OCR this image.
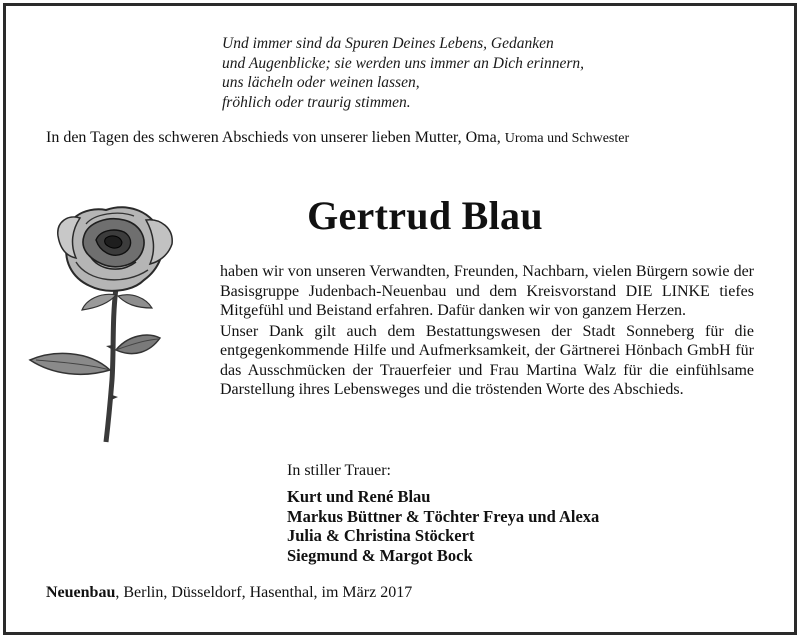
Und immer sind da Spuren Deines Lebens, Gedanken
und Augenblicke; sie werden uns immer an Dich erinnern,
uns lächeln oder weinen lassen,
fröhlich oder traurig stimmen.
In den Tagen des schweren Abschieds von unserer lieben Mutter, Oma, Uroma und Schwester
Gertrud Blau

haben wir von unseren Verwandten, Freunden, Nachbarn, vielen Bürgern sowie der Basisgruppe Judenbach-Neuenbau und dem Kreisvorstand DIE LINKE tiefes Mitgefühl und Beistand erfahren. Dafür danken wir von ganzem Herzen.

Unser Dank gilt auch dem Bestattungswesen der Stadt Sonneberg für die entgegenkommende Hilfe und Aufmerksamkeit, der Gärtnerei Hönbach GmbH für das Ausschmücken der Trauerfeier und Frau Martina Walz für die einfühlsame Darstellung ihres Lebensweges und die tröstenden Worte des Abschieds.

In stiller Trauer:
Kurt und René Blau
Markus Büttner & Töchter Freya und Alexa
Julia & Christina Stöckert
Siegmund & Margot Bock
Neuenbau, Berlin, Düsseldorf, Hasenthal, im März 2017
